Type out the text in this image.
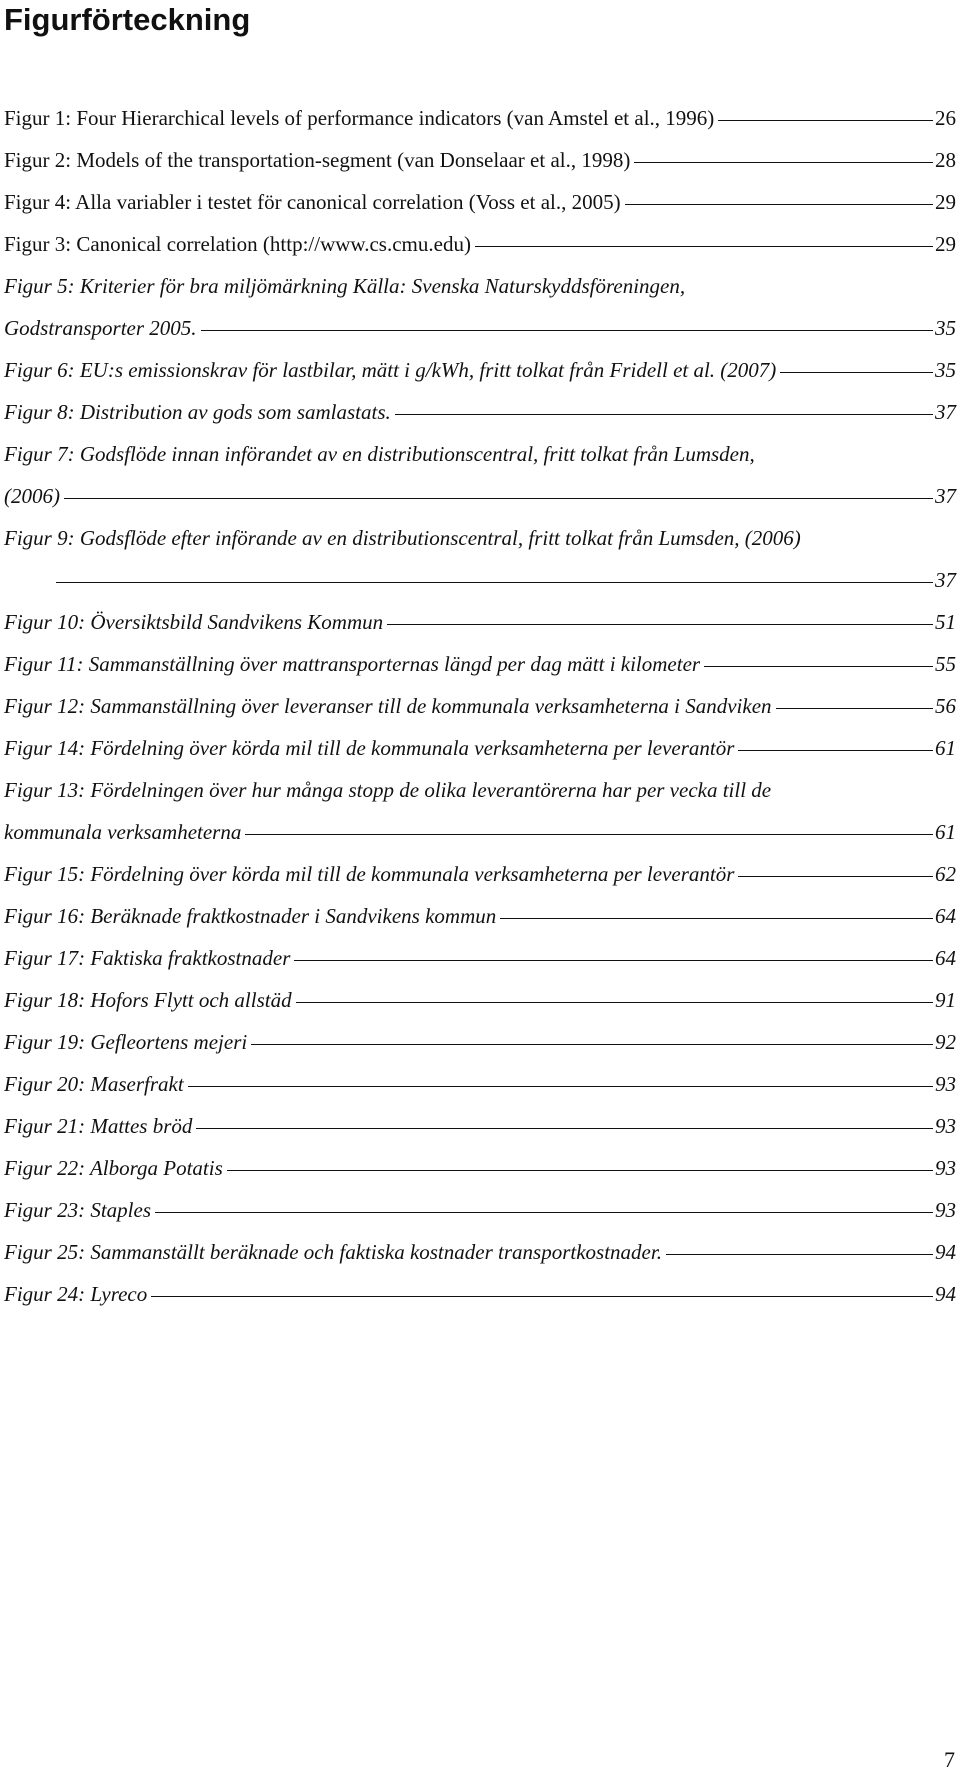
Figurförteckning
Figur 1: Four Hierarchical levels of performance indicators (van Amstel et al., 1996)	26
Figur 2: Models of the transportation-segment (van Donselaar et al., 1998)	28
Figur 4: Alla variabler i testet för canonical correlation (Voss et al., 2005)	29
Figur 3: Canonical correlation (http://www.cs.cmu.edu)	29
Figur 5: Kriterier för bra miljömärkning Källa: Svenska Naturskyddsföreningen,
Godstransporter 2005.	35
Figur 6: EU:s emissionskrav för lastbilar, mätt i g/kWh, fritt tolkat från Fridell et al. (2007)	35
Figur 8: Distribution av gods som samlastats.	37
Figur 7: Godsflöde innan införandet av en distributionscentral, fritt tolkat från Lumsden,
(2006)	37
Figur 9: Godsflöde efter införande av en distributionscentral, fritt tolkat från Lumsden, (2006)
37
Figur 10: Översiktsbild Sandvikens Kommun	51
Figur 11: Sammanställning över mattransporternas längd per dag mätt i kilometer	55
Figur 12: Sammanställning över leveranser till de kommunala verksamheterna i Sandviken	56
Figur 14: Fördelning över körda mil till de kommunala verksamheterna per leverantör	61
Figur 13: Fördelningen över hur många stopp de olika leverantörerna har per vecka till de
kommunala verksamheterna	61
Figur 15: Fördelning över körda mil till de kommunala verksamheterna per leverantör	62
Figur 16: Beräknade fraktkostnader i Sandvikens kommun	64
Figur 17: Faktiska fraktkostnader	64
Figur 18: Hofors Flytt och allstäd	91
Figur 19: Gefleortens mejeri	92
Figur 20: Maserfrakt	93
Figur 21: Mattes bröd	93
Figur 22: Alborga Potatis	93
Figur 23: Staples	93
Figur 25: Sammanställt beräknade och faktiska kostnader transportkostnader.	94
Figur 24: Lyreco	94
7
